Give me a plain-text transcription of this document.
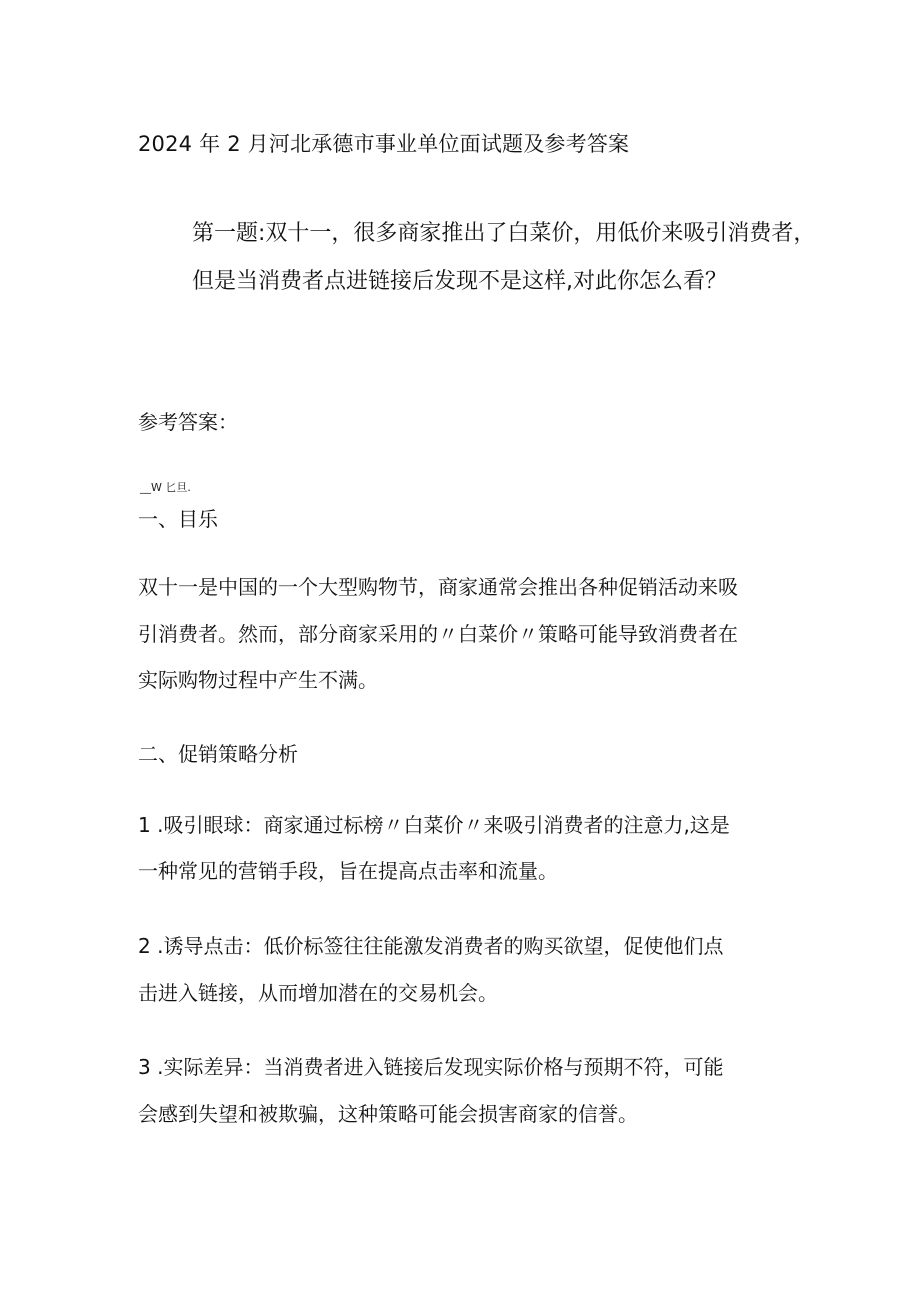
2024 年 2 月河北承德市事业单位面试题及参考答案

第一题:双十一，很多商家推出了白菜价，用低价来吸引消费者，

但是当消费者点进链接后发现不是这样,对此你怎么看？

参考答案：

__W 匕旦.

一、目乐

双十一是中国的一个大型购物节，商家通常会推出各种促销活动来吸

引消费者。然而，部分商家采用的〃白菜价〃策略可能导致消费者在

实际购物过程中产生不满。

二、促销策略分析

1 .吸引眼球：商家通过标榜〃白菜价〃来吸引消费者的注意力,这是

一种常见的营销手段，旨在提高点击率和流量。

2 .诱导点击：低价标签往往能激发消费者的购买欲望，促使他们点

击进入链接，从而增加潜在的交易机会。

3 .实际差异：当消费者进入链接后发现实际价格与预期不符，可能

会感到失望和被欺骗，这种策略可能会损害商家的信誉。
